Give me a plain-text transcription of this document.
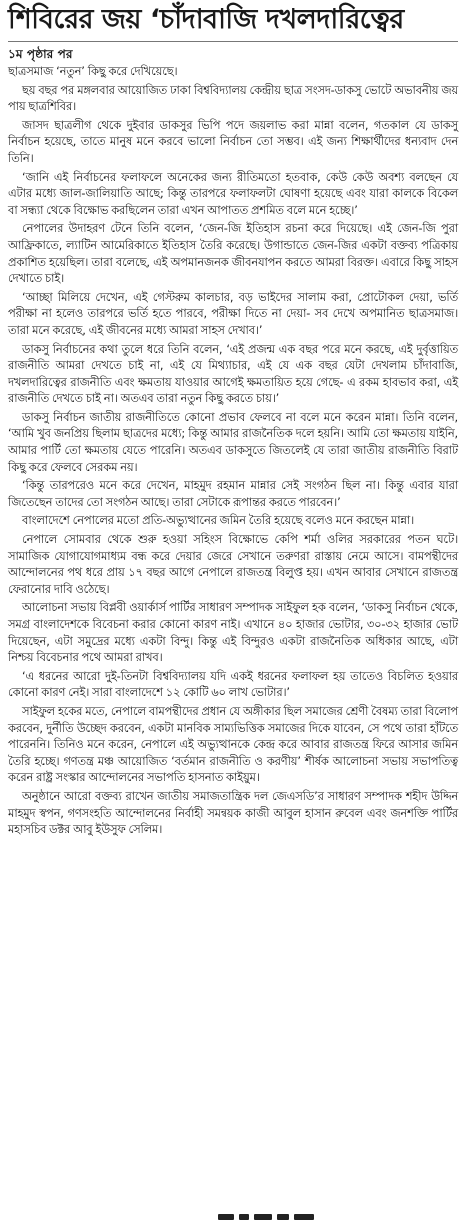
শিবিরের জয় ‘চাঁদাবাজি দখলদারিত্বের

১ম পৃষ্ঠার পর

ছাত্রসমাজ ‘নতুন’ কিছু করে দেখিয়েছে।

ছয় বছর পর মঙ্গলবার আয়োজিত ঢাকা বিশ্ববিদ্যালয় কেন্দ্রীয় ছাত্র সংসদ-ডাকসু ভোটে অভাবনীয় জয় পায় ছাত্রশিবির।

জাসদ ছাত্রলীগ থেকে দুইবার ডাকসুর ভিপি পদে জয়লাভ করা মান্না বলেন, গতকাল যে ডাকসু নির্বাচন হয়েছে, তাতে মানুষ মনে করবে ভালো নির্বাচন তো সম্ভব। এই জন্য শিক্ষার্থীদের ধন্যবাদ দেন তিনি।

‘জানি এই নির্বাচনের ফলাফলে অনেকের জন্য রীতিমতো হতবাক, কেউ কেউ অবশ্য বলছেন যে এটার মধ্যে জাল-জালিয়াতি আছে; কিন্তু তারপরে ফলাফলটা ঘোষণা হয়েছে এবং যারা কালকে বিকেল বা সন্ধ্যা থেকে বিক্ষোভ করছিলেন তারা এখন আপাতত প্রশমিত বলে মনে হচ্ছে।’

নেপালের উদাহরণ টেনে তিনি বলেন, ‘জেন-জি ইতিহাস রচনা করে দিয়েছে। এই জেন-জি পুরা আফ্রিকাতে, ল্যাটিন আমেরিকাতে ইতিহাস তৈরি করেছে। উগান্ডাতে জেন-জির একটা বক্তব্য পত্রিকায় প্রকাশিত হয়েছিল। তারা বলেছে, এই অপমানজনক জীবনযাপন করতে আমরা বিরক্ত। এবারে কিছু সাহস দেখাতে চাই।

‘আচ্ছা মিলিয়ে দেখেন, এই গেস্টরুম কালচার, বড় ভাইদের সালাম করা, প্রোটোকল দেয়া, ভর্তি পরীক্ষা না হলেও তারপরে ভর্তি হতে পারবে, পরীক্ষা দিতে না দেয়া- সব দেখে অপমানিত ছাত্রসমাজ। তারা মনে করেছে, এই জীবনের মধ্যে আমরা সাহস দেখাব।’

ডাকসু নির্বাচনের কথা তুলে ধরে তিনি বলেন, ‘এই প্রজন্ম এক বছর পরে মনে করছে, এই দুর্বৃত্তায়িত রাজনীতি আমরা দেখতে চাই না, এই যে মিথ্যাচার, এই যে এক বছর যেটা দেখলাম চাঁদাবাজি, দখলদারিত্বের রাজনীতি এবং ক্ষমতায় যাওয়ার আগেই ক্ষমতায়িত হয়ে গেছে- এ রকম হাবভাব করা, এই রাজনীতি দেখতে চাই না। অতএব তারা নতুন কিছু করতে চায়।’

ডাকসু নির্বাচন জাতীয় রাজনীতিতে কোনো প্রভাব ফেলবে না বলে মনে করেন মান্না। তিনি বলেন, ‘আমি খুব জনপ্রিয় ছিলাম ছাত্রদের মধ্যে; কিন্তু আমার রাজনৈতিক দলে হয়নি। আমি তো ক্ষমতায় যাইনি, আমার পার্টি তো ক্ষমতায় যেতে পারেনি। অতএব ডাকসুতে জিতলেই যে তারা জাতীয় রাজনীতি বিরাট কিছু করে ফেলবে সেরকম নয়।

‘কিন্তু তারপরেও মনে করে দেখেন, মাহমুদ রহমান মান্নার সেই সংগঠন ছিল না। কিন্তু এবার যারা জিতেছেন তাদের তো সংগঠন আছে। তারা সেটাকে রূপান্তর করতে পারবেন।’

বাংলাদেশে নেপালের মতো প্রতি-অভ্যুত্থানের জমিন তৈরি হয়েছে বলেও মনে করছেন মান্না।

নেপালে সোমবার থেকে শুরু হওয়া সহিংস বিক্ষোভে কেপি শর্মা ওলির সরকারের পতন ঘটে। সামাজিক যোগাযোগমাধ্যম বন্ধ করে দেয়ার জেরে সেখানে তরুণরা রাস্তায় নেমে আসে। বামপন্থীদের আন্দোলনের পথ ধরে প্রায় ১৭ বছর আগে নেপালে রাজতন্ত্র বিলুপ্ত হয়। এখন আবার সেখানে রাজতন্ত্র ফেরানোর দাবি ওঠেছে।

আলোচনা সভায় বিপ্লবী ওয়ার্কার্স পার্টির সাধারণ সম্পাদক সাইফুল হক বলেন, ‘ডাকসু নির্বাচন থেকে, সমগ্র বাংলাদেশকে বিবেচনা করার কোনো কারণ নাই। এখানে ৪০ হাজার ভোটার, ৩০-৩২ হাজার ভোট দিয়েছেন, এটা সমুদ্রের মধ্যে একটা বিন্দু। কিন্তু এই বিন্দুরও একটা রাজনৈতিক অধিকার আছে, এটা নিশ্চয় বিবেচনার পথে আমরা রাখব।

‘এ ধরনের আরো দুই-তিনটা বিশ্ববিদ্যালয় যদি একই ধরনের ফলাফল হয় তাতেও বিচলিত হওয়ার কোনো কারণ নেই। সারা বাংলাদেশে ১২ কোটি ৬০ লাখ ভোটার।’

সাইফুল হকের মতে, নেপালে বামপন্থীদের প্রধান যে অঙ্গীকার ছিল সমাজের শ্রেণী বৈষম্য তারা বিলোপ করবেন, দুর্নীতি উচ্ছেদ করবেন, একটা মানবিক সাম্যভিত্তিক সমাজের দিকে যাবেন, সে পথে তারা হাঁটতে পারেননি। তিনিও মনে করেন, নেপালে এই অভ্যুত্থানকে কেন্দ্র করে আবার রাজতন্ত্র ফিরে আসার জমিন তৈরি হচ্ছে। গণতন্ত্র মঞ্চ আয়োজিত ‘বর্তমান রাজনীতি ও করণীয়’ শীর্ষক আলোচনা সভায় সভাপতিত্ব করেন রাষ্ট্র সংস্কার আন্দোলনের সভাপতি হাসনাত কাইয়ুম।

অনুষ্ঠানে আরো বক্তব্য রাখেন জাতীয় সমাজতান্ত্রিক দল জেএসডি’র সাধারণ সম্পাদক শহীদ উদ্দিন মাহমুদ স্বপন, গণসংহতি আন্দোলনের নির্বাহী সমন্বয়ক কাজী আবুল হাসান রুবেল এবং জনশক্তি পার্টির মহাসচিব ডক্টর আবু ইউসুফ সেলিম।
